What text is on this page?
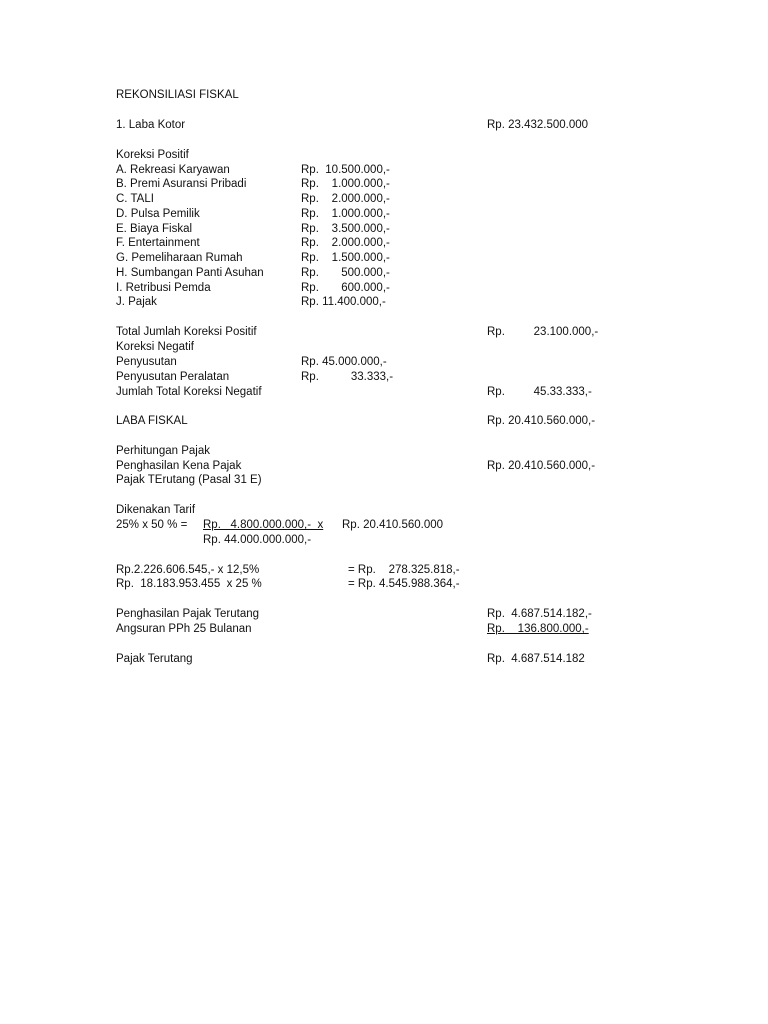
REKONSILIASI FISKAL
1. Laba Kotor	Rp. 23.432.500.000
Koreksi Positif
A. Rekreasi Karyawan	Rp.  10.500.000,-
B. Premi Asuransi Pribadi	Rp.    1.000.000,-
C. TALI	Rp.    2.000.000,-
D. Pulsa Pemilik	Rp.    1.000.000,-
E. Biaya Fiskal	Rp.    3.500.000,-
F. Entertainment	Rp.    2.000.000,-
G. Pemeliharaan Rumah	Rp.    1.500.000,-
H. Sumbangan Panti Asuhan	Rp.       500.000,-
I. Retribusi Pemda	Rp.       600.000,-
J. Pajak	Rp. 11.400.000,-
Total Jumlah Koreksi Positif	Rp.         23.100.000,-
Koreksi Negatif
Penyusutan	Rp. 45.000.000,-
Penyusutan Peralatan	Rp.          33.333,-
Jumlah Total Koreksi Negatif	Rp.         45.33.333,-
LABA FISKAL	Rp. 20.410.560.000,-
Perhitungan Pajak
Penghasilan Kena Pajak	Rp. 20.410.560.000,-
Pajak TErutang (Pasal 31 E)
Dikenakan Tarif
25% x 50 % = Rp.   4.800.000.000,-  x Rp. 20.410.560.000
Rp. 44.000.000.000,-
Rp.2.226.606.545,- x 12,5%	= Rp.    278.325.818,-
Rp.  18.183.953.455  x 25 %	= Rp. 4.545.988.364,-
Penghasilan Pajak Terutang	Rp.  4.687.514.182,-
Angsuran PPh 25 Bulanan	Rp.    136.800.000,-
Pajak Terutang	Rp.  4.687.514.182
